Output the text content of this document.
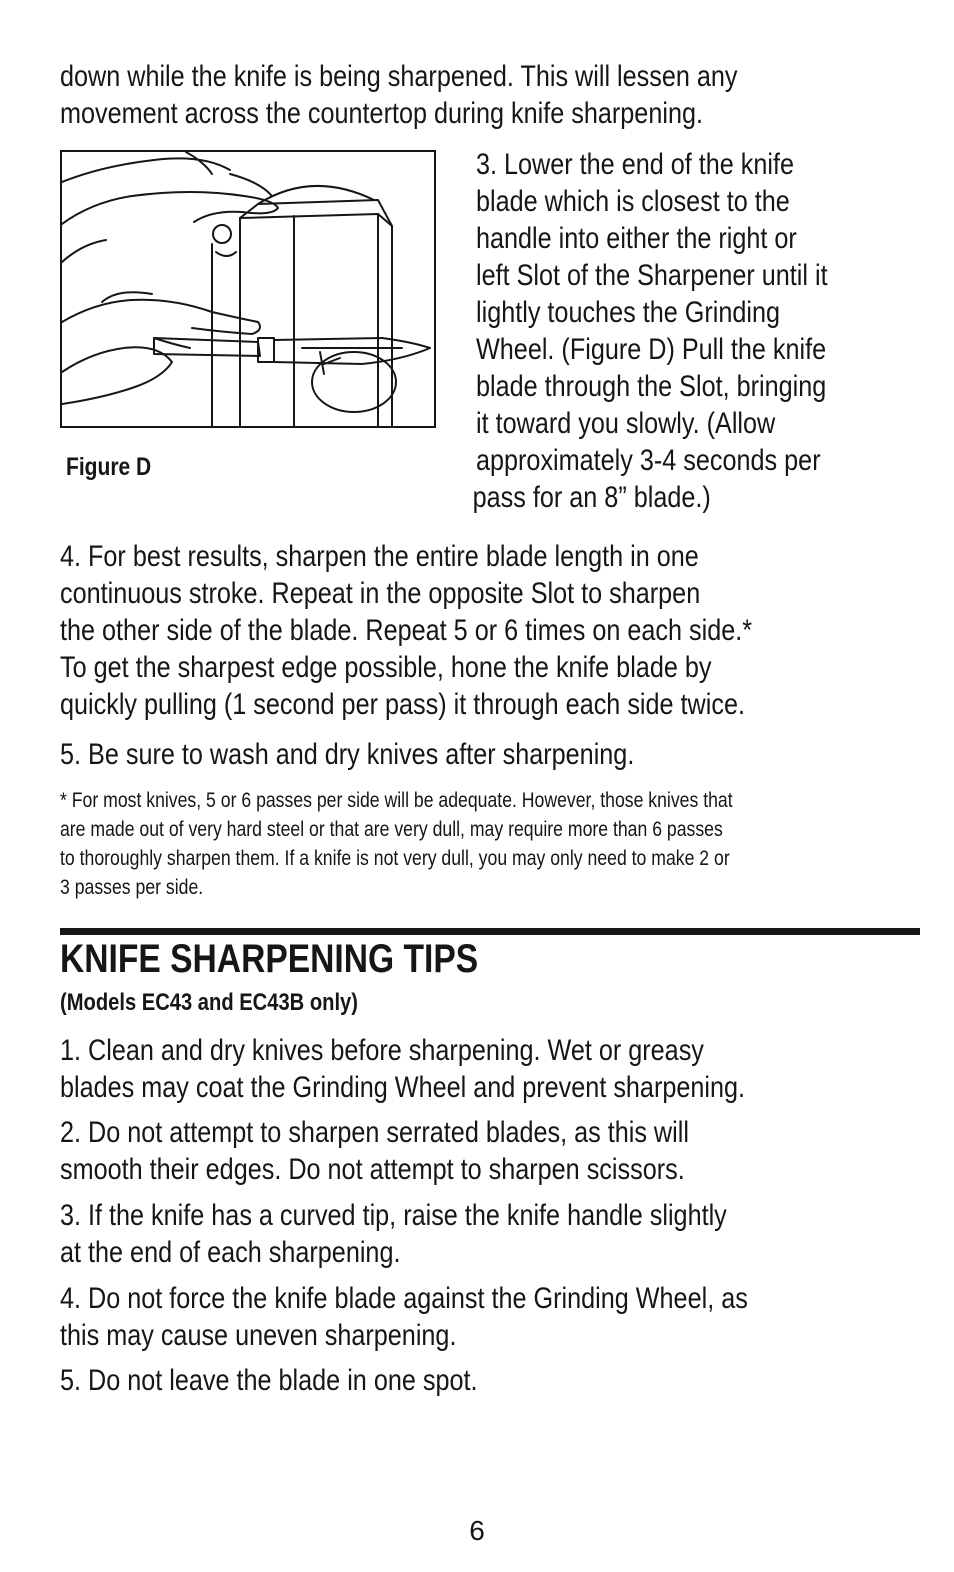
down while the knife is being sharpened. This will lessen any
movement across the countertop during knife sharpening.

Figure D

3. Lower the end of the knife
blade which is closest to the
handle into either the right or
left Slot of the Sharpener until it
lightly touches the Grinding
Wheel. (Figure D) Pull the knife
blade through the Slot, bringing
it toward you slowly. (Allow
approximately 3-4 seconds per
pass for an 8” blade.)

4. For best results, sharpen the entire blade length in one
continuous stroke. Repeat in the opposite Slot to sharpen
the other side of the blade. Repeat 5 or 6 times on each side.*
To get the sharpest edge possible, hone the knife blade by
quickly pulling (1 second per pass) it through each side twice.

5. Be sure to wash and dry knives after sharpening.

* For most knives, 5 or 6 passes per side will be adequate. However, those knives that
are made out of very hard steel or that are very dull, may require more than 6 passes
to thoroughly sharpen them. If a knife is not very dull, you may only need to make 2 or
3 passes per side.

KNIFE SHARPENING TIPS

(Models EC43 and EC43B only)

1. Clean and dry knives before sharpening. Wet or greasy
blades may coat the Grinding Wheel and prevent sharpening.

2. Do not attempt to sharpen serrated blades, as this will
smooth their edges. Do not attempt to sharpen scissors.

3. If the knife has a curved tip, raise the knife handle slightly
at the end of each sharpening.

4. Do not force the knife blade against the Grinding Wheel, as
this may cause uneven sharpening.

5. Do not leave the blade in one spot.

6
